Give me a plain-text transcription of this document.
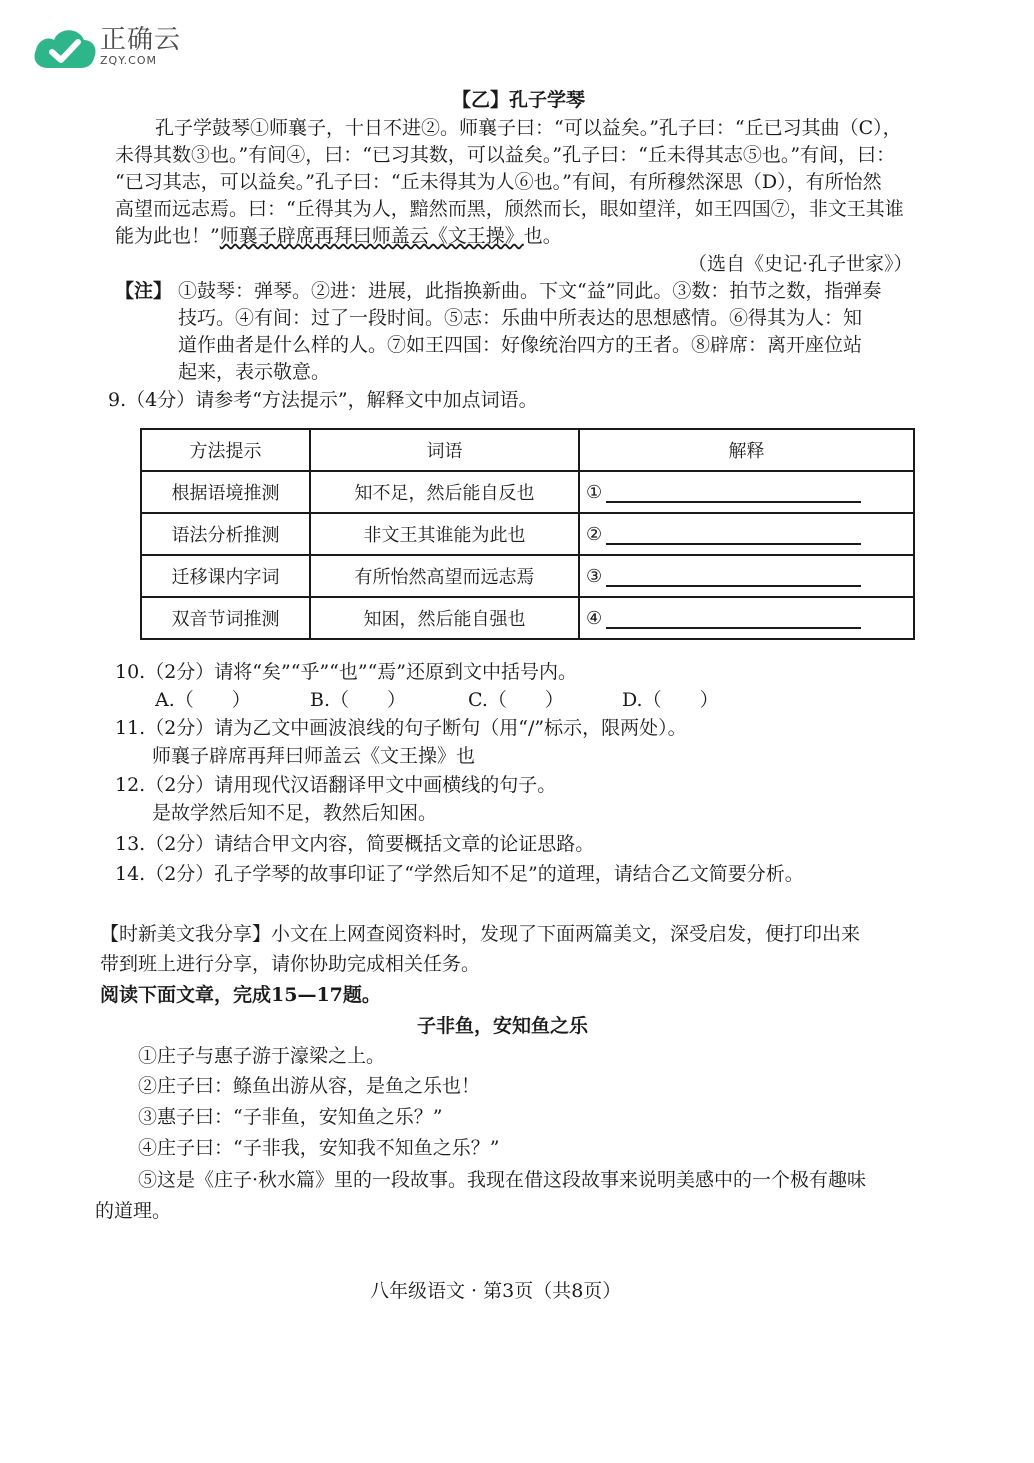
正确云
ZQY.COM
【乙】孔子学琴
孔子学鼓琴①师襄子，十日不进②。师襄子曰：“可以益矣。”孔子曰：“丘已习其曲（C），
未得其数③也。”有间④，曰：“已习其数，可以益矣。”孔子曰：“丘未得其志⑤也。”有间，曰：
“已习其志，可以益矣。”孔子曰：“丘未得其为人⑥也。”有间，有所穆然深思（D），有所怡然
高望而远志焉。曰：“丘得其为人，黯然而黑，颀然而长，眼如望洋，如王四国⑦，非文王其谁
能为此也！”师襄子辟席再拜曰师盖云《文王操》也。
（选自《史记·孔子世家》）
【注】 ①鼓琴：弹琴。②进：进展，此指换新曲。下文“益”同此。③数：拍节之数，指弹奏
技巧。④有间：过了一段时间。⑤志：乐曲中所表达的思想感情。⑥得其为人：知
道作曲者是什么样的人。⑦如王四国：好像统治四方的王者。⑧辟席：离开座位站
起来，表示敬意。
9.（4分）请参考“方法提示”，解释文中加点词语。
方法提示	词语	解释
根据语境推测	知不足，然后能自反也	①
语法分析推测	非文王其谁能为此也	②
迁移课内字词	有所怡然高望而远志焉	③
双音节词推测	知困，然后能自强也	④
10.（2分）请将“矣”“乎”“也”“焉”还原到文中括号内。
A.（　　）	B.（　　）	C.（　　）	D.（　　）
11.（2分）请为乙文中画波浪线的句子断句（用“/”标示，限两处）。
师襄子辟席再拜曰师盖云《文王操》也
12.（2分）请用现代汉语翻译甲文中画横线的句子。
是故学然后知不足，教然后知困。
13.（2分）请结合甲文内容，简要概括文章的论证思路。
14.（2分）孔子学琴的故事印证了“学然后知不足”的道理，请结合乙文简要分析。
【时新美文我分享】小文在上网查阅资料时，发现了下面两篇美文，深受启发，便打印出来
带到班上进行分享，请你协助完成相关任务。
阅读下面文章，完成15—17题。
子非鱼，安知鱼之乐
①庄子与惠子游于濠梁之上。
②庄子曰：鲦鱼出游从容，是鱼之乐也！
③惠子曰：“子非鱼，安知鱼之乐？”
④庄子曰：“子非我，安知我不知鱼之乐？”
⑤这是《庄子·秋水篇》里的一段故事。我现在借这段故事来说明美感中的一个极有趣味
的道理。
八年级语文 · 第3页（共8页）
